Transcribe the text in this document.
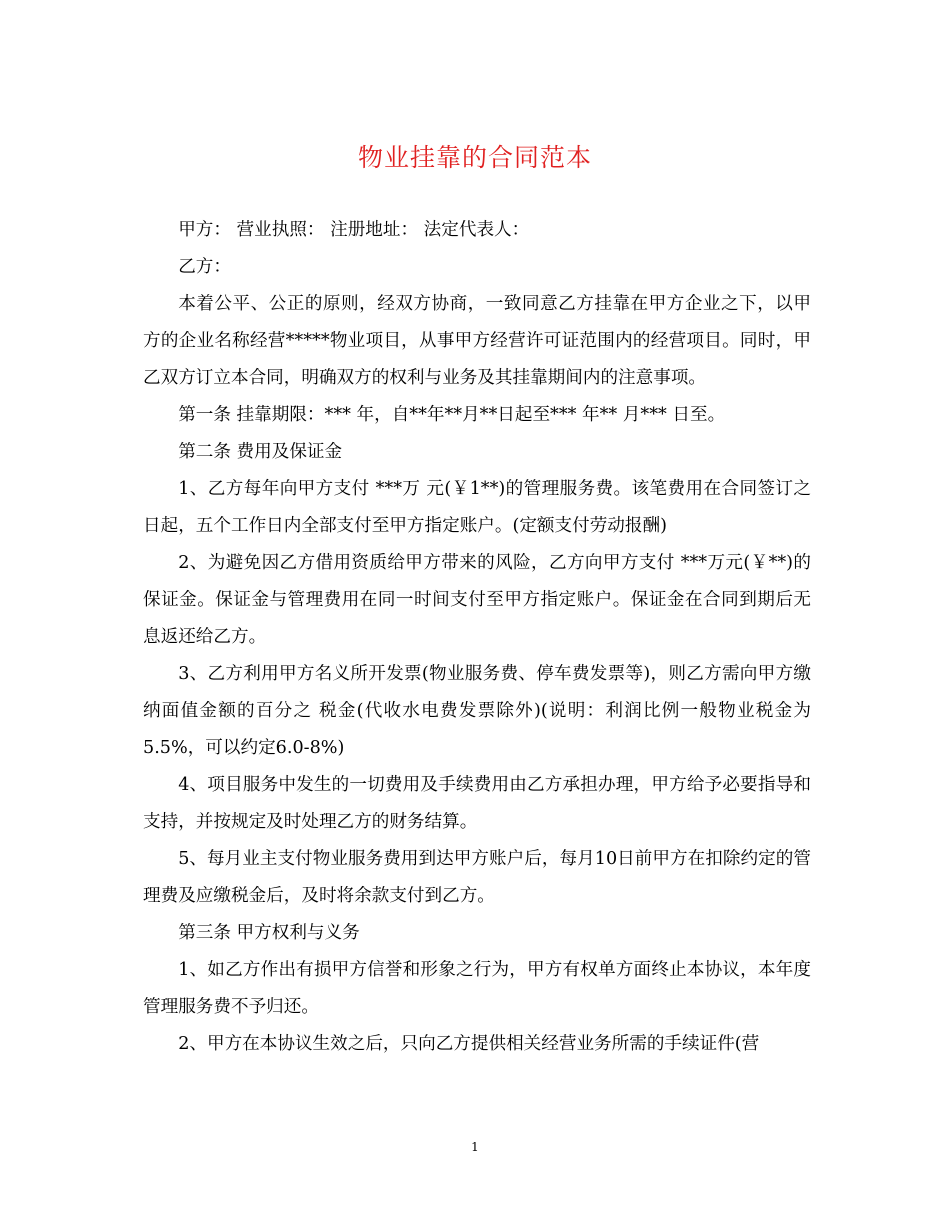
物业挂靠的合同范本

甲方： 营业执照： 注册地址： 法定代表人：

乙方：

本着公平、公正的原则，经双方协商，一致同意乙方挂靠在甲方企业之下，以甲方的企业名称经营*****物业项目，从事甲方经营许可证范围内的经营项目。同时，甲乙双方订立本合同，明确双方的权利与业务及其挂靠期间内的注意事项。

第一条 挂靠期限：*** 年，自**年**月**日起至*** 年** 月*** 日至。

第二条 费用及保证金

1、乙方每年向甲方支付 ***万 元(￥1**)的管理服务费。该笔费用在合同签订之日起，五个工作日内全部支付至甲方指定账户。(定额支付劳动报酬)

2、为避免因乙方借用资质给甲方带来的风险，乙方向甲方支付 ***万元(￥**)的保证金。保证金与管理费用在同一时间支付至甲方指定账户。保证金在合同到期后无息返还给乙方。

3、乙方利用甲方名义所开发票(物业服务费、停车费发票等)，则乙方需向甲方缴纳面值金额的百分之 税金(代收水电费发票除外)(说明：利润比例一般物业税金为5.5%，可以约定6.0-8%)

4、项目服务中发生的一切费用及手续费用由乙方承担办理，甲方给予必要指导和支持，并按规定及时处理乙方的财务结算。

5、每月业主支付物业服务费用到达甲方账户后，每月10日前甲方在扣除约定的管理费及应缴税金后，及时将余款支付到乙方。

第三条 甲方权利与义务

1、如乙方作出有损甲方信誉和形象之行为，甲方有权单方面终止本协议，本年度管理服务费不予归还。

2、甲方在本协议生效之后，只向乙方提供相关经营业务所需的手续证件(营

1
